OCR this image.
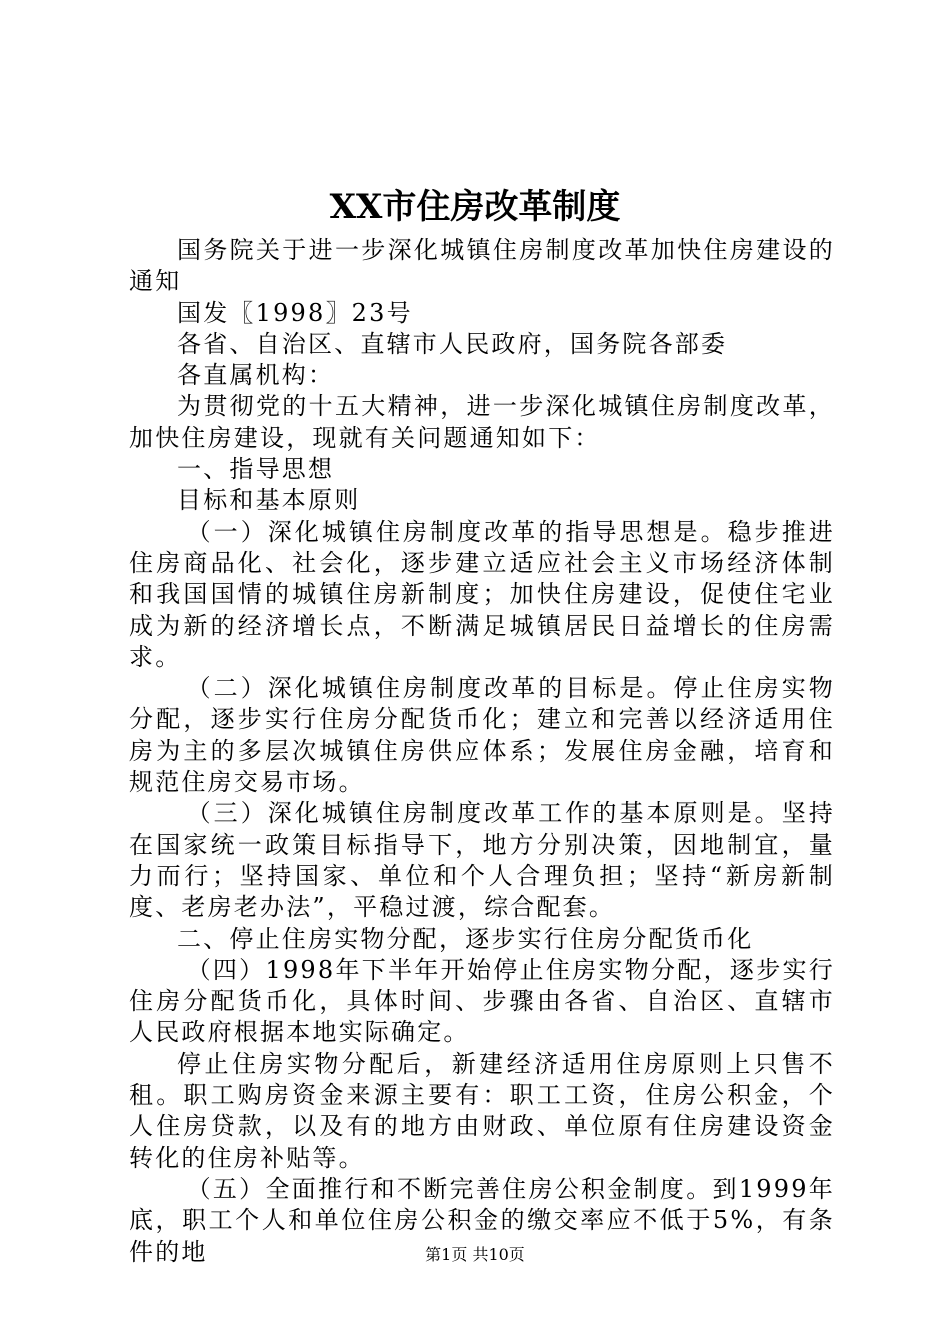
XX市住房改革制度

国务院关于进一步深化城镇住房制度改革加快住房建设的通知

国发〖1998〗23号

各省、自治区、直辖市人民政府，国务院各部委

各直属机构：

为贯彻党的十五大精神，进一步深化城镇住房制度改革，加快住房建设，现就有关问题通知如下：

一、指导思想

目标和基本原则

（一）深化城镇住房制度改革的指导思想是。稳步推进住房商品化、社会化，逐步建立适应社会主义市场经济体制和我国国情的城镇住房新制度；加快住房建设，促使住宅业成为新的经济增长点，不断满足城镇居民日益增长的住房需求。

（二）深化城镇住房制度改革的目标是。停止住房实物分配，逐步实行住房分配货币化；建立和完善以经济适用住房为主的多层次城镇住房供应体系；发展住房金融，培育和规范住房交易市场。

（三）深化城镇住房制度改革工作的基本原则是。坚持在国家统一政策目标指导下，地方分别决策，因地制宜，量力而行；坚持国家、单位和个人合理负担；坚持“新房新制度、老房老办法”，平稳过渡，综合配套。

二、停止住房实物分配，逐步实行住房分配货币化

（四）1998年下半年开始停止住房实物分配，逐步实行住房分配货币化，具体时间、步骤由各省、自治区、直辖市人民政府根据本地实际确定。

停止住房实物分配后，新建经济适用住房原则上只售不租。职工购房资金来源主要有：职工工资，住房公积金，个人住房贷款，以及有的地方由财政、单位原有住房建设资金转化的住房补贴等。

（五）全面推行和不断完善住房公积金制度。到1999年底，职工个人和单位住房公积金的缴交率应不低于5%，有条件的地	第1页 共10页
